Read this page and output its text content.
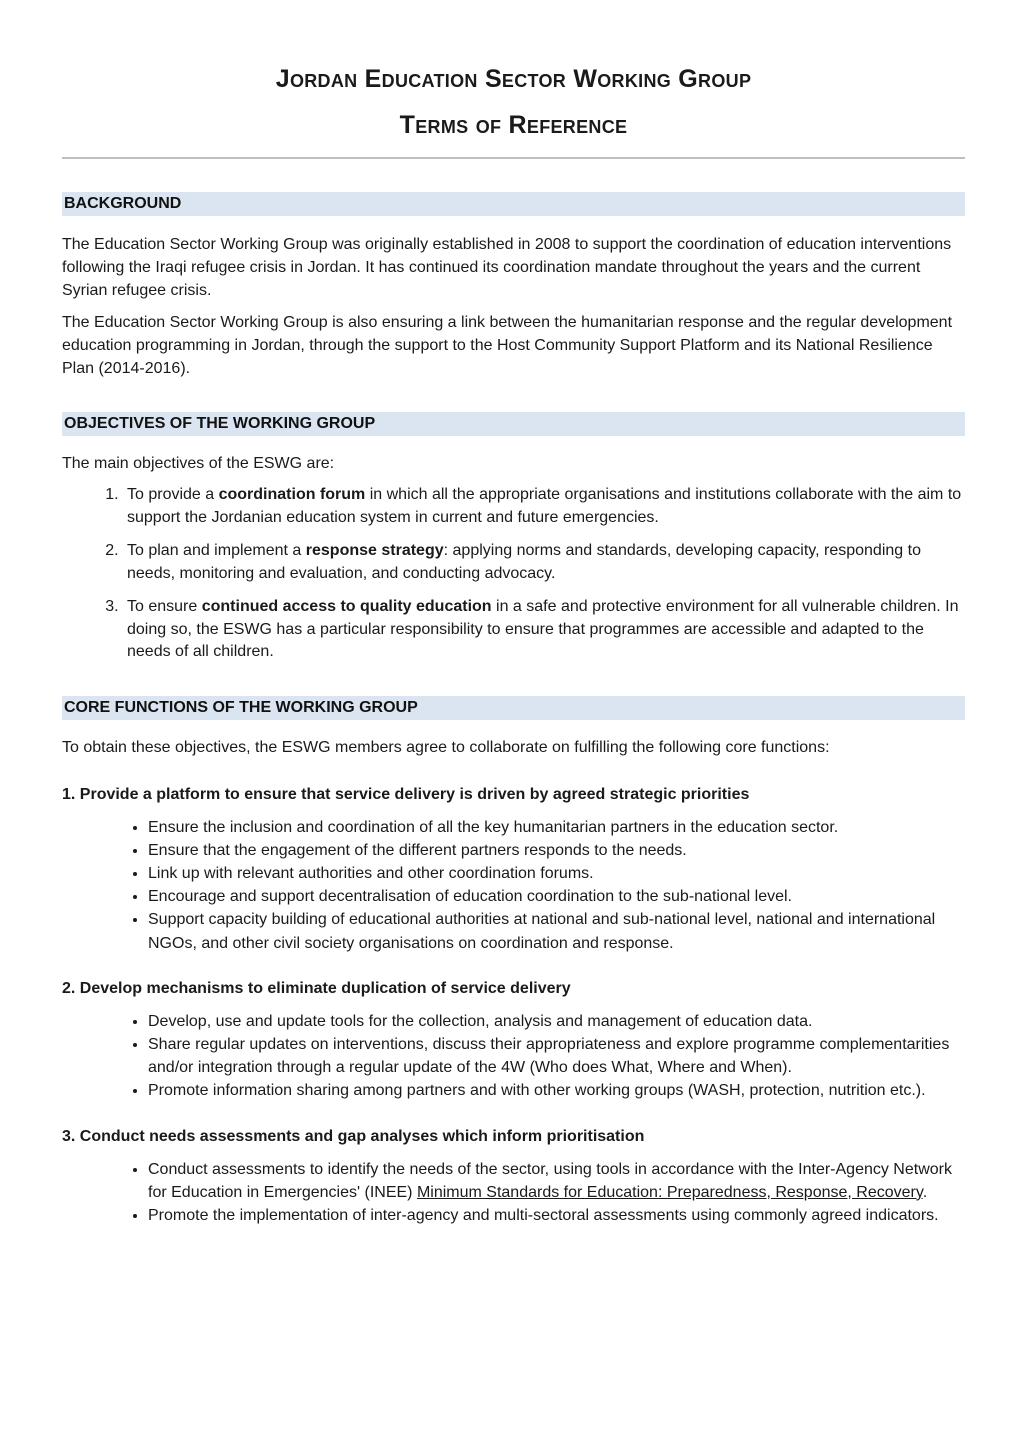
Jordan Education Sector Working Group
Terms of Reference
BACKGROUND

The Education Sector Working Group was originally established in 2008 to support the coordination of education interventions following the Iraqi refugee crisis in Jordan. It has continued its coordination mandate throughout the years and the current Syrian refugee crisis.

The Education Sector Working Group is also ensuring a link between the humanitarian response and the regular development education programming in Jordan, through the support to the Host Community Support Platform and its National Resilience Plan (2014-2016).

OBJECTIVES OF THE WORKING GROUP

The main objectives of the ESWG are:

1. To provide a coordination forum in which all the appropriate organisations and institutions collaborate with the aim to support the Jordanian education system in current and future emergencies.
2. To plan and implement a response strategy: applying norms and standards, developing capacity, responding to needs, monitoring and evaluation, and conducting advocacy.
3. To ensure continued access to quality education in a safe and protective environment for all vulnerable children. In doing so, the ESWG has a particular responsibility to ensure that programmes are accessible and adapted to the needs of all children.
CORE FUNCTIONS OF THE WORKING GROUP

To obtain these objectives, the ESWG members agree to collaborate on fulfilling the following core functions:

1. Provide a platform to ensure that service delivery is driven by agreed strategic priorities
• Ensure the inclusion and coordination of all the key humanitarian partners in the education sector.
• Ensure that the engagement of the different partners responds to the needs.
• Link up with relevant authorities and other coordination forums.
• Encourage and support decentralisation of education coordination to the sub-national level.
• Support capacity building of educational authorities at national and sub-national level, national and international NGOs, and other civil society organisations on coordination and response.
2. Develop mechanisms to eliminate duplication of service delivery
• Develop, use and update tools for the collection, analysis and management of education data.
• Share regular updates on interventions, discuss their appropriateness and explore programme complementarities and/or integration through a regular update of the 4W (Who does What, Where and When).
• Promote information sharing among partners and with other working groups (WASH, protection, nutrition etc.).
3. Conduct needs assessments and gap analyses which inform prioritisation
• Conduct assessments to identify the needs of the sector, using tools in accordance with the Inter-Agency Network for Education in Emergencies' (INEE) Minimum Standards for Education: Preparedness, Response, Recovery.
• Promote the implementation of inter-agency and multi-sectoral assessments using commonly agreed indicators.
